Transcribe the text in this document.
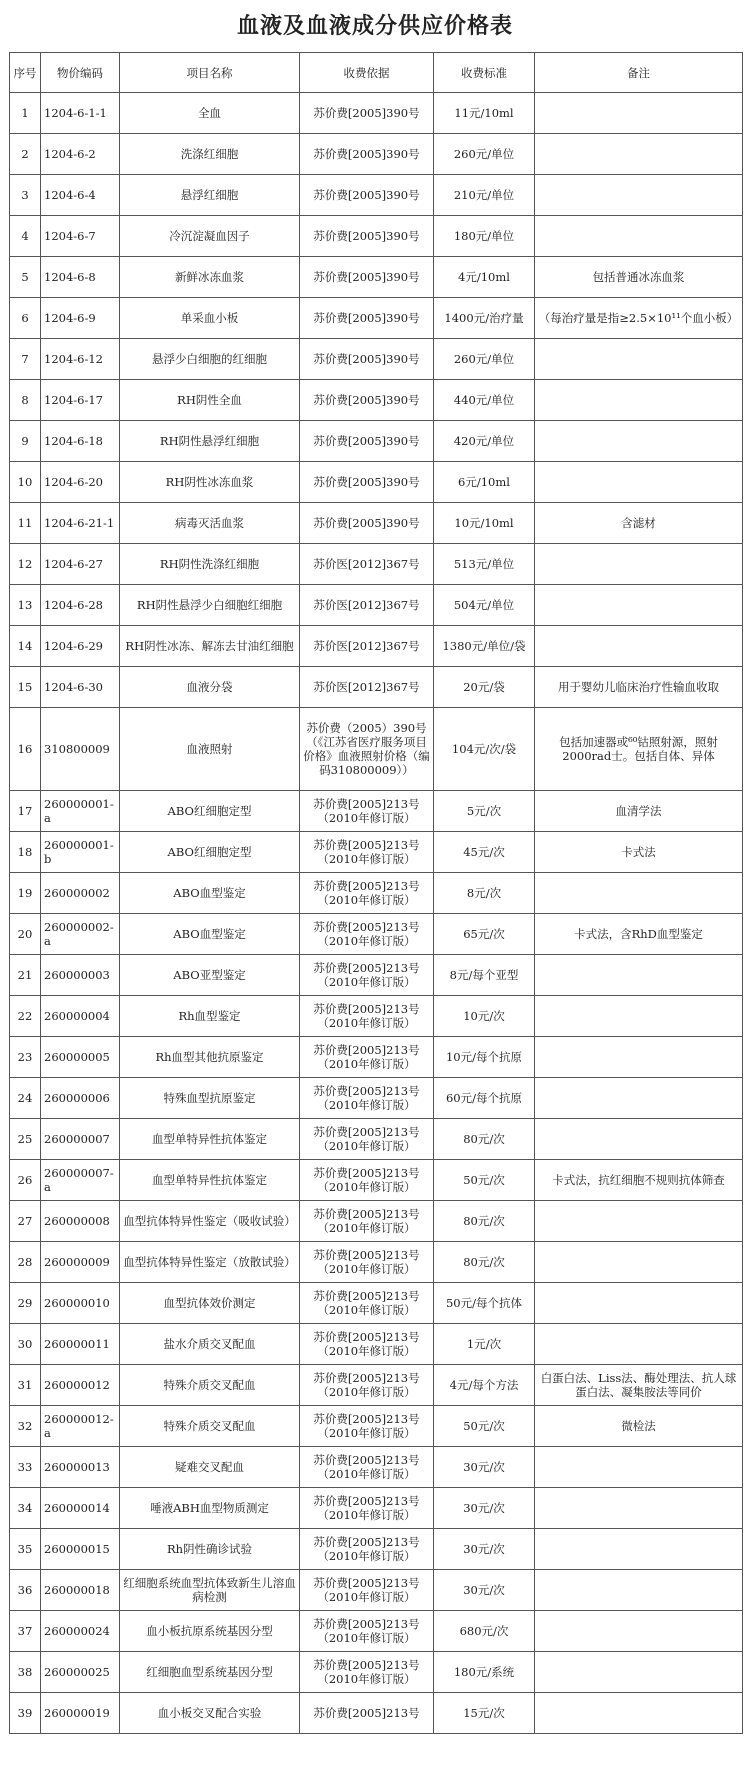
血液及血液成分供应价格表
序号	物价编码	项目名称	收费依据	收费标准	备注
1	1204-6-1-1	全血	苏价费[2005]390号	11元/10ml	
2	1204-6-2	洗涤红细胞	苏价费[2005]390号	260元/单位	
3	1204-6-4	悬浮红细胞	苏价费[2005]390号	210元/单位	
4	1204-6-7	冷沉淀凝血因子	苏价费[2005]390号	180元/单位	
5	1204-6-8	新鲜冰冻血浆	苏价费[2005]390号	4元/10ml	包括普通冰冻血浆
6	1204-6-9	单采血小板	苏价费[2005]390号	1400元/治疗量	（每治疗量是指≥2.5×10¹¹个血小板）
7	1204-6-12	悬浮少白细胞的红细胞	苏价费[2005]390号	260元/单位	
8	1204-6-17	RH阴性全血	苏价费[2005]390号	440元/单位	
9	1204-6-18	RH阴性悬浮红细胞	苏价费[2005]390号	420元/单位	
10	1204-6-20	RH阴性冰冻血浆	苏价费[2005]390号	6元/10ml	
11	1204-6-21-1	病毒灭活血浆	苏价费[2005]390号	10元/10ml	含滤材
12	1204-6-27	RH阴性洗涤红细胞	苏价医[2012]367号	513元/单位	
13	1204-6-28	RH阴性悬浮少白细胞红细胞	苏价医[2012]367号	504元/单位	
14	1204-6-29	RH阴性冰冻、解冻去甘油红细胞	苏价医[2012]367号	1380元/单位/袋	
15	1204-6-30	血液分袋	苏价医[2012]367号	20元/袋	用于婴幼儿临床治疗性输血收取
16	310800009	血液照射	苏价费（2005）390号（《江苏省医疗服务项目价格》血液照射价格（编码310800009））	104元/次/袋	包括加速器或⁶⁰钴照射源，照射2000rad士。包括自体、异体
17	260000001-a	ABO红细胞定型	苏价费[2005]213号（2010年修订版）	5元/次	血清学法
18	260000001-b	ABO红细胞定型	苏价费[2005]213号（2010年修订版）	45元/次	卡式法
19	260000002	ABO血型鉴定	苏价费[2005]213号（2010年修订版）	8元/次	
20	260000002-a	ABO血型鉴定	苏价费[2005]213号（2010年修订版）	65元/次	卡式法，含RhD血型鉴定
21	260000003	ABO亚型鉴定	苏价费[2005]213号（2010年修订版）	8元/每个亚型	
22	260000004	Rh血型鉴定	苏价费[2005]213号（2010年修订版）	10元/次	
23	260000005	Rh血型其他抗原鉴定	苏价费[2005]213号（2010年修订版）	10元/每个抗原	
24	260000006	特殊血型抗原鉴定	苏价费[2005]213号（2010年修订版）	60元/每个抗原	
25	260000007	血型单特异性抗体鉴定	苏价费[2005]213号（2010年修订版）	80元/次	
26	260000007-a	血型单特异性抗体鉴定	苏价费[2005]213号（2010年修订版）	50元/次	卡式法，抗红细胞不规则抗体筛查
27	260000008	血型抗体特异性鉴定（吸收试验）	苏价费[2005]213号（2010年修订版）	80元/次	
28	260000009	血型抗体特异性鉴定（放散试验）	苏价费[2005]213号（2010年修订版）	80元/次	
29	260000010	血型抗体效价测定	苏价费[2005]213号（2010年修订版）	50元/每个抗体	
30	260000011	盐水介质交叉配血	苏价费[2005]213号（2010年修订版）	1元/次	
31	260000012	特殊介质交叉配血	苏价费[2005]213号（2010年修订版）	4元/每个方法	白蛋白法、Liss法、酶处理法、抗人球蛋白法、凝集胺法等同价
32	260000012-a	特殊介质交叉配血	苏价费[2005]213号（2010年修订版）	50元/次	微检法
33	260000013	疑难交叉配血	苏价费[2005]213号（2010年修订版）	30元/次	
34	260000014	唾液ABH血型物质测定	苏价费[2005]213号（2010年修订版）	30元/次	
35	260000015	Rh阴性确诊试验	苏价费[2005]213号（2010年修订版）	30元/次	
36	260000018	红细胞系统血型抗体致新生儿溶血病检测	苏价费[2005]213号（2010年修订版）	30元/次	
37	260000024	血小板抗原系统基因分型	苏价费[2005]213号（2010年修订版）	680元/次	
38	260000025	红细胞血型系统基因分型	苏价费[2005]213号（2010年修订版）	180元/系统	
39	260000019	血小板交叉配合实验	苏价费[2005]213号	15元/次	
